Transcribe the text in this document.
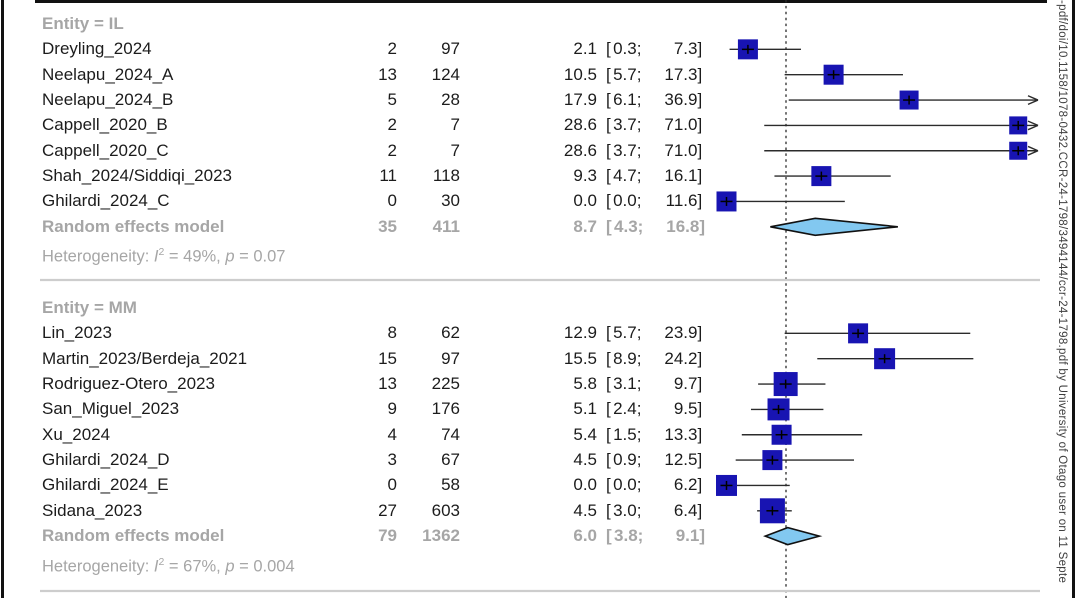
Entity = IL
Dreyling_2024	2	97	2.1 [ 0.3; 7.3]
Neelapu_2024_A	13	124	10.5 [ 5.7; 17.3]
Neelapu_2024_B	5	28	17.9 [ 6.1; 36.9]
Cappell_2020_B	2	7	28.6 [ 3.7; 71.0]
Cappell_2020_C	2	7	28.6 [ 3.7; 71.0]
Shah_2024/Siddiqi_2023	11	118	9.3 [ 4.7; 16.1]
Ghilardi_2024_C	0	30	0.0 [ 0.0; 11.6]
Random effects model	35	411	8.7 [ 4.3; 16.8]
Heterogeneity: $I^2 = 49\%$, p = 0.07
Entity = MM
Lin_2023	8	62	12.9 [ 5.7; 23.9]
Martin_2023/Berdeja_2021	15	97	15.5 [ 8.9; 24.2]
Rodriguez-Otero_2023	13	225	5.8 [ 3.1; 9.7]
San_Miguel_2023	9	176	5.1 [ 2.4; 9.5]
Xu_2024	4	74	5.4 [ 1.5; 13.3]
Ghilardi_2024_D	3	67	4.5 [ 0.9; 12.5]
Ghilardi_2024_E	0	58	0.0 [ 0.0; 6.2]
Sidana_2023	27	603	4.5 [ 3.0; 6.4]
Random effects model	79	1362	6.0 [ 3.8; 9.1]
Heterogeneity: $I^2 = 67\%$, p = 0.004	-pdf/doi/10.1158/1078-0432.CCR-24-1798/3494144/ccr-24-1798.pdf by University of Otago user on 11 Septe
